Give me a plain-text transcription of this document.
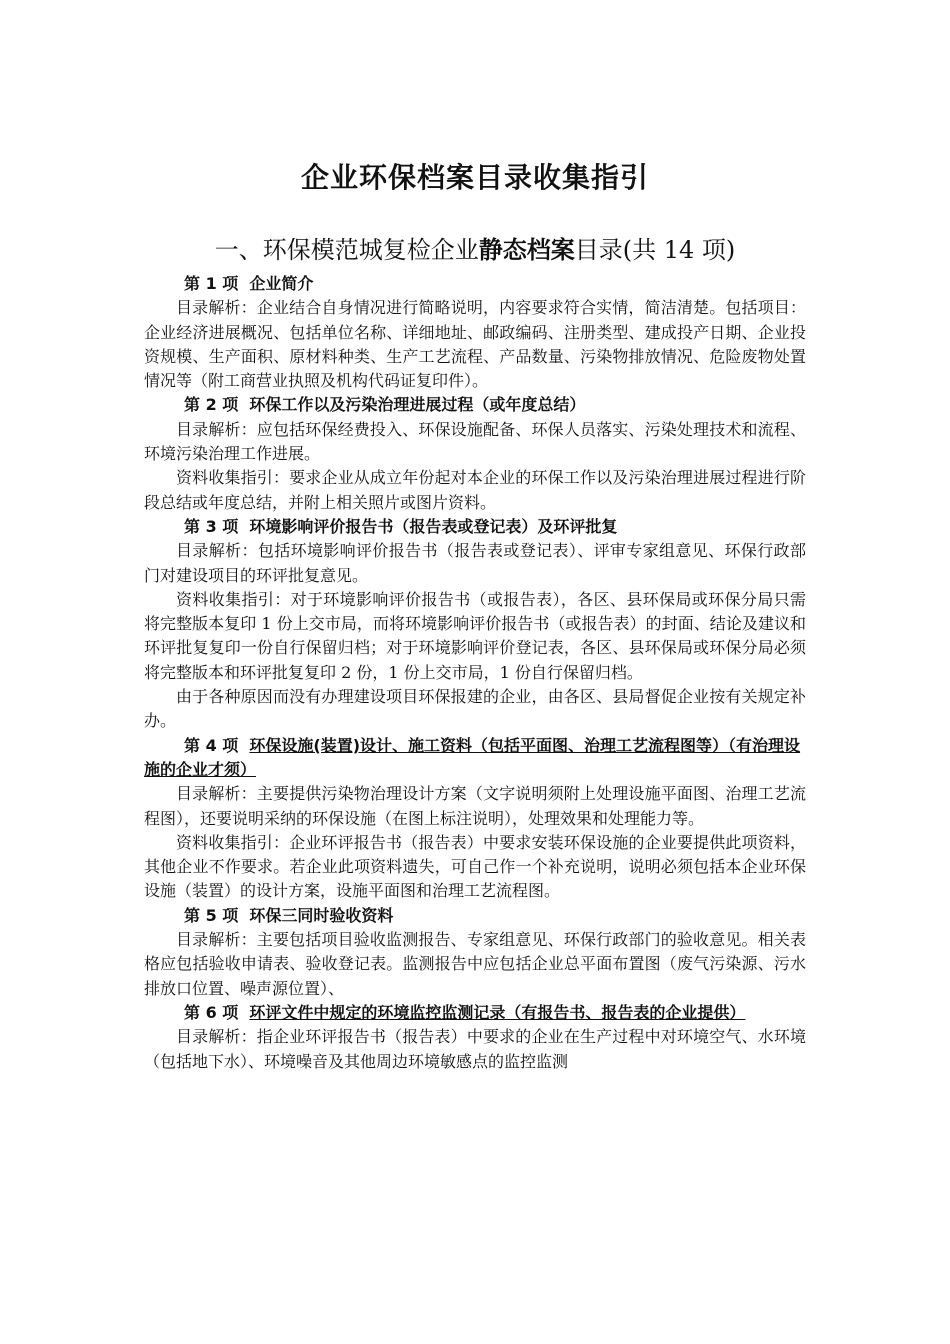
企业环保档案目录收集指引
一、环保模范城复检企业静态档案目录(共 14 项)
第 1 项 企业简介

目录解析：企业结合自身情况进行简略说明，内容要求符合实情，简洁清楚。包括项目：企业经济进展概况、包括单位名称、详细地址、邮政编码、注册类型、建成投产日期、企业投资规模、生产面积、原材料种类、生产工艺流程、产品数量、污染物排放情况、危险废物处置情况等（附工商营业执照及机构代码证复印件）。

第 2 项 环保工作以及污染治理进展过程（或年度总结）

目录解析：应包括环保经费投入、环保设施配备、环保人员落实、污染处理技术和流程、环境污染治理工作进展。

资料收集指引：要求企业从成立年份起对本企业的环保工作以及污染治理进展过程进行阶段总结或年度总结，并附上相关照片或图片资料。

第 3 项 环境影响评价报告书（报告表或登记表）及环评批复

目录解析：包括环境影响评价报告书（报告表或登记表）、评审专家组意见、环保行政部门对建设项目的环评批复意见。

资料收集指引：对于环境影响评价报告书（或报告表），各区、县环保局或环保分局只需将完整版本复印 1 份上交市局，而将环境影响评价报告书（或报告表）的封面、结论及建议和环评批复复印一份自行保留归档；对于环境影响评价登记表，各区、县环保局或环保分局必须将完整版本和环评批复复印 2 份，1 份上交市局，1 份自行保留归档。

由于各种原因而没有办理建设项目环保报建的企业，由各区、县局督促企业按有关规定补办。

第 4 项 环保设施(装置)设计、施工资料（包括平面图、治理工艺流程图等）（有治理设施的企业才须）

目录解析：主要提供污染物治理设计方案（文字说明须附上处理设施平面图、治理工艺流程图），还要说明采纳的环保设施（在图上标注说明），处理效果和处理能力等。

资料收集指引：企业环评报告书（报告表）中要求安装环保设施的企业要提供此项资料，其他企业不作要求。若企业此项资料遗失，可自己作一个补充说明，说明必须包括本企业环保设施（装置）的设计方案，设施平面图和治理工艺流程图。

第 5 项 环保三同时验收资料

目录解析：主要包括项目验收监测报告、专家组意见、环保行政部门的验收意见。相关表格应包括验收申请表、验收登记表。监测报告中应包括企业总平面布置图（废气污染源、污水排放口位置、噪声源位置）、

第 6 项 环评文件中规定的环境监控监测记录（有报告书、报告表的企业提供）

目录解析：指企业环评报告书（报告表）中要求的企业在生产过程中对环境空气、水环境（包括地下水）、环境噪音及其他周边环境敏感点的监控监测
